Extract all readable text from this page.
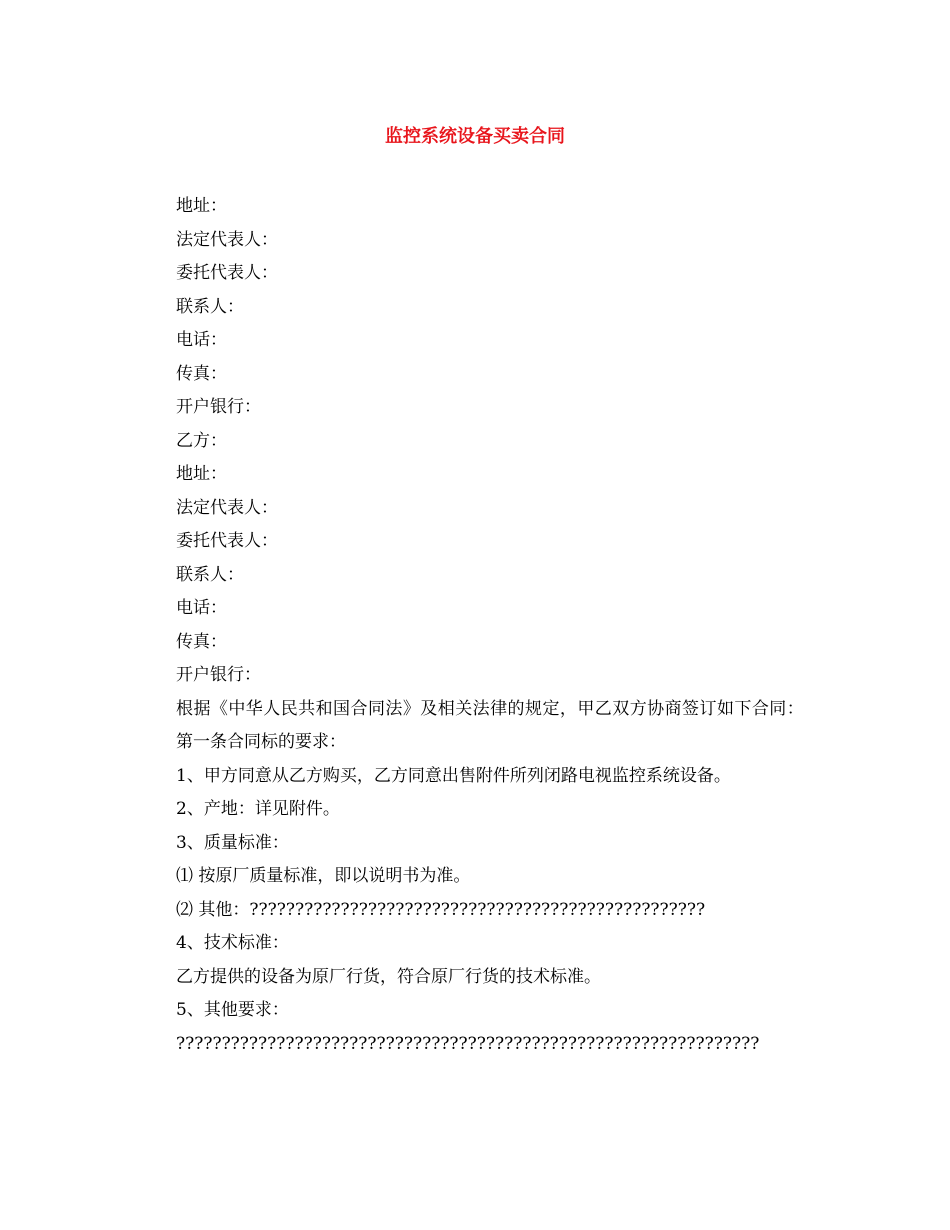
监控系统设备买卖合同

地址：

法定代表人：

委托代表人：

联系人：

电话：

传真：

开户银行：

乙方：

地址：

法定代表人：

委托代表人：

联系人：

电话：

传真：

开户银行：

根据《中华人民共和国合同法》及相关法律的规定，甲乙双方协商签订如下合同：

第一条合同标的要求：

1、甲方同意从乙方购买，乙方同意出售附件所列闭路电视监控系统设备。

2、产地：详见附件。

3、质量标准：

⑴ 按原厂质量标准，即以说明书为准。

⑵ 其他：??????????????????????????????????????????????????

4、技术标准：

乙方提供的设备为原厂行货，符合原厂行货的技术标准。

5、其他要求：

????????????????????????????????????????????????????????????????
